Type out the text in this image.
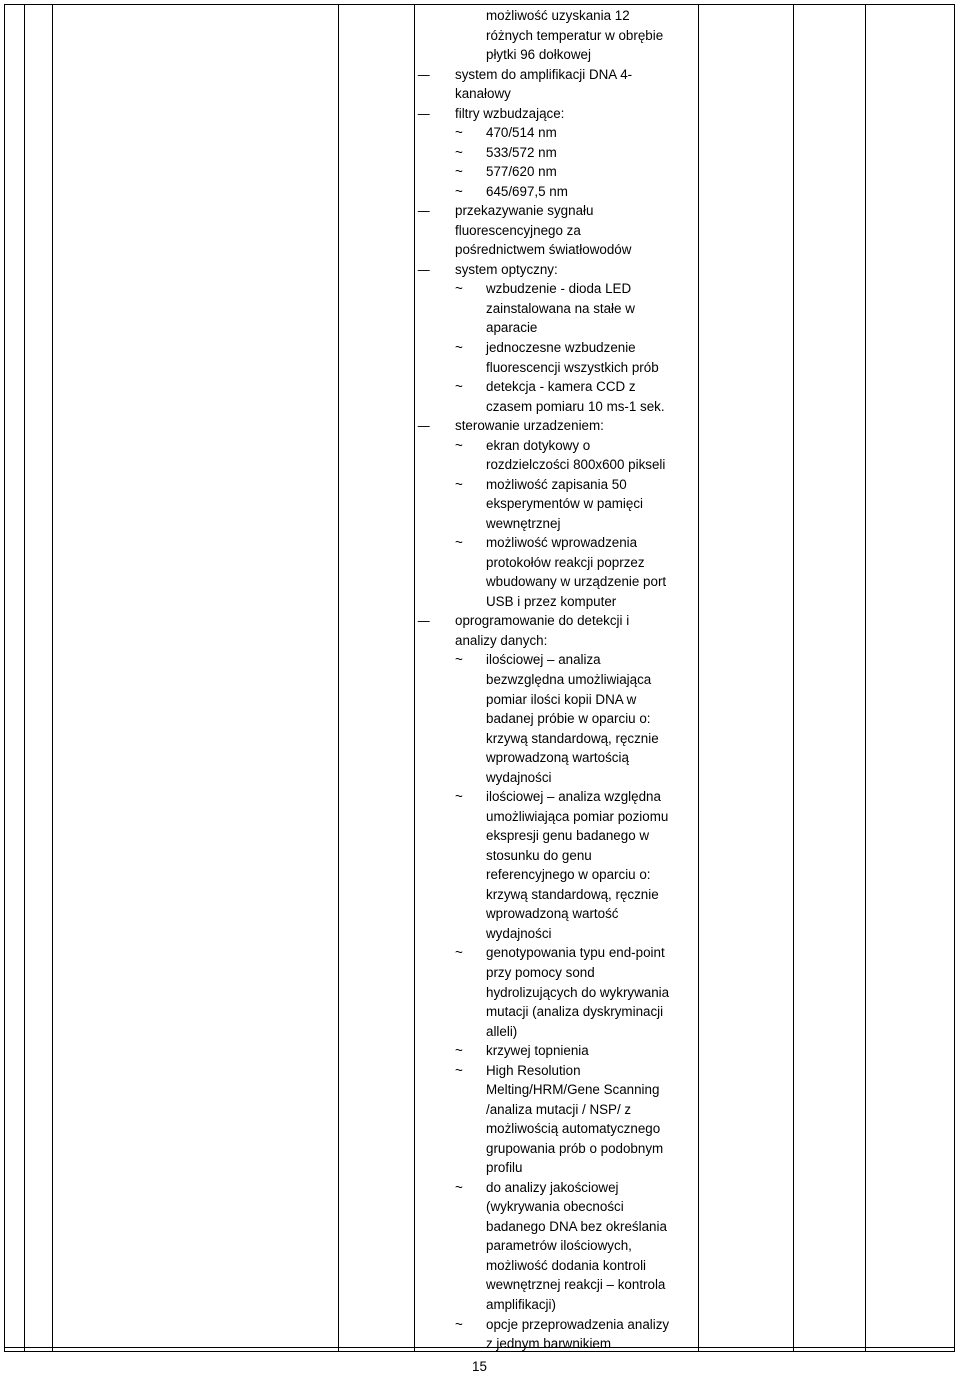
możliwość uzyskania 12
różnych temperatur w obrębie
płytki 96 dołkowej
– system do amplifikacji DNA 4-
kanałowy
– filtry wzbudzające:
~ 470/514 nm
~ 533/572 nm
~ 577/620 nm
~ 645/697,5 nm
– przekazywanie sygnału
fluorescencyjnego za
pośrednictwem światłowodów
– system optyczny:
~ wzbudzenie - dioda LED
zainstalowana na stałe w
aparacie
~ jednoczesne wzbudzenie
fluorescencji wszystkich prób
~ detekcja - kamera CCD z
czasem pomiaru 10 ms-1 sek.
– sterowanie urzadzeniem:
~ ekran dotykowy o
rozdzielczości 800x600 pikseli
~ możliwość zapisania 50
eksperymentów w pamięci
wewnętrznej
~ możliwość wprowadzenia
protokołów reakcji poprzez
wbudowany w urządzenie port
USB i przez komputer
– oprogramowanie do detekcji i
analizy danych:
~ ilościowej – analiza
bezwzględna umożliwiająca
pomiar ilości kopii DNA w
badanej próbie w oparciu o:
krzywą standardową, ręcznie
wprowadzoną wartością
wydajności
~ ilościowej – analiza względna
umożliwiająca pomiar poziomu
ekspresji genu badanego w
stosunku do genu
referencyjnego w oparciu o:
krzywą standardową, ręcznie
wprowadzoną wartość
wydajności
~ genotypowania typu end-point
przy pomocy sond
hydrolizujących do wykrywania
mutacji (analiza dyskryminacji
alleli)
~ krzywej topnienia
~ High Resolution
Melting/HRM/Gene Scanning
/analiza mutacji / NSP/ z
możliwością automatycznego
grupowania prób o podobnym
profilu
~ do analizy jakościowej
(wykrywania obecności
badanego DNA bez określania
parametrów ilościowych,
możliwość dodania kontroli
wewnętrznej reakcji – kontrola
amplifikacji)
~ opcje przeprowadzenia analizy
z jednym barwnikiem
15
